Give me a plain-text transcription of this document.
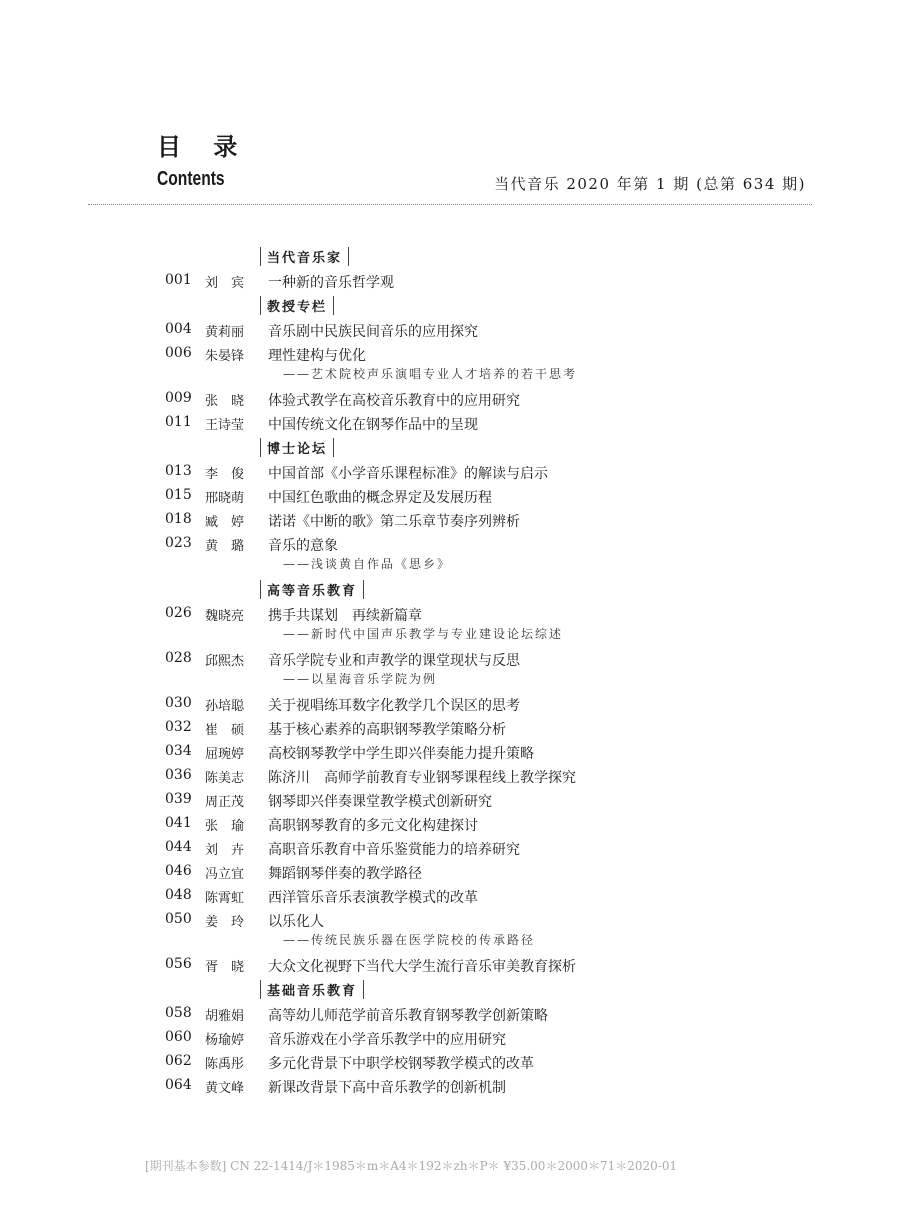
目 录
Contents	当代音乐 2020 年第 1 期 (总第 634 期)
当代音乐家
001 刘　宾	一种新的音乐哲学观
教授专栏
004 黄莉丽	音乐剧中民族民间音乐的应用探究
006 朱晏锋	理性建构与优化
——艺术院校声乐演唱专业人才培养的若干思考
009 张　晓	体验式教学在高校音乐教育中的应用研究
011 王诗莹	中国传统文化在钢琴作品中的呈现
博士论坛
013 李　俊	中国首部《小学音乐课程标准》的解读与启示
015 邢晓萌	中国红色歌曲的概念界定及发展历程
018 臧　婷	诺诺《中断的歌》第二乐章节奏序列辨析
023 黄　璐	音乐的意象
——浅谈黄自作品《思乡》
高等音乐教育
026 魏晓亮	携手共谋划　再续新篇章
——新时代中国声乐教学与专业建设论坛综述
028 邱熙杰	音乐学院专业和声教学的课堂现状与反思
——以星海音乐学院为例
030 孙培聪	关于视唱练耳数字化教学几个误区的思考
032 崔　硕	基于核心素养的高职钢琴教学策略分析
034 屈琬婷	高校钢琴教学中学生即兴伴奏能力提升策略
036 陈美志	陈济川　高师学前教育专业钢琴课程线上教学探究
039 周正茂	钢琴即兴伴奏课堂教学模式创新研究
041 张　瑜	高职钢琴教育的多元文化构建探讨
044 刘　卉	高职音乐教育中音乐鉴赏能力的培养研究
046 冯立宜	舞蹈钢琴伴奏的教学路径
048 陈霄虹	西洋管乐音乐表演教学模式的改革
050 姜　玲	以乐化人
——传统民族乐器在医学院校的传承路径
056 胥　晓	大众文化视野下当代大学生流行音乐审美教育探析
基础音乐教育
058 胡雅娟	高等幼儿师范学前音乐教育钢琴教学创新策略
060 杨瑜婷	音乐游戏在小学音乐教学中的应用研究
062 陈禹彤	多元化背景下中职学校钢琴教学模式的改革
064 黄文峰	新课改背景下高中音乐教学的创新机制
[期刊基本参数] CN 22-1414/J＊1985＊m＊A4＊192＊zh＊P＊ ¥35.00＊2000＊71＊2020-01
